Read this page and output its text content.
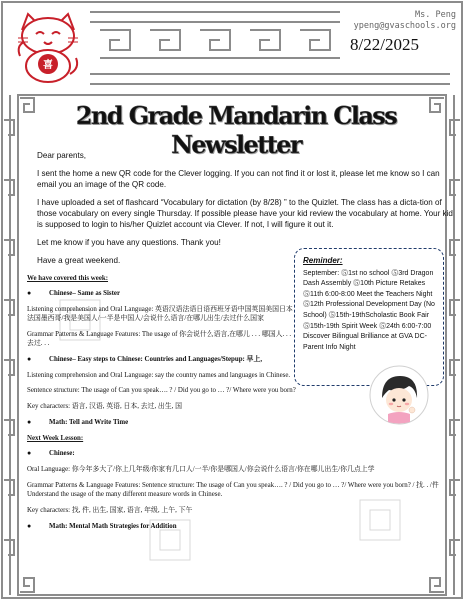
喜
Ms. Peng
ypeng@gvaschools.org
8/22/2025
2nd Grade Mandarin Class Newsletter

Dear parents,

I sent the home a new QR code for the Clever logging. If you can not find it or lost it, please let me know so I can email you an image of the QR code.

I have uploaded a set of flashcard “Vocabulary for dictation (by 8/28) ” to the Quizlet. The class has a dicta-tion of those vocabulary on every single Thursday. If possible please have your kid review the vocabulary at home. Your kid is supposed to login to his/her Quizlet account via Clever. If not, I will figure it out it.

Let me know if you have any questions. Thank you!

Have a great weekend.	Reminder:
September: ⓹1st no school ⓹3rd Dragon
Dash Assembly ⓹10th Picture Retakes
⓹11th 6:00-8:00 Meet the Teachers Night
⓹12th Professional Development Day (No
School) ⓹15th-19thScholastic Book Fair
⓹15th-19th Spirit Week ⓹24th 6:00-7:00
Discover Bilingual Brilliance at GVA DC-
Parent Info Night
We have covered this week:
●	Chinese– Same as Sister
Listening comprehension and Oral Language: 英语汉语法语日语西班牙语中国英国美国日本法国墨西哥/我是美国人/一半是中国人/会说什么语言/在哪儿出生/去过什么国家
Grammar Patterns & Language Features: The usage of 你会说什么语言,在哪儿 . . . 哪国人. . . 去过. . .
●	Chinese– Easy steps to Chinese: Countries and Languages/Stepup: 早上,
Listening comprehension and Oral Language: say the country names and languages in Chinese.
Sentence structure: The usage of Can you speak…. ? / Did you go to … ?/ Where were you born?
Key characters: 语言, 汉语, 英语, 日本, 去过, 出生, 国
●	Math: Tell and Write Time
Next Week Lesson:
●	Chinese:
Oral Language: 你今年多大了/你上几年级/你家有几口人/一半/你是哪国人/你会说什么语言/你在哪儿出生/你几点上学
Grammar Patterns & Language Features: Sentence structure: The usage of Can you speak…. ? / Did you go to … ?/ Where were you born? / 找. . /件 Understand the usage of the many different measure words in Chinese.
Key characters: 找, 件, 出生, 国家, 语言, 年级, 上午, 下午
●	Math: Mental Math Strategies for Addition
